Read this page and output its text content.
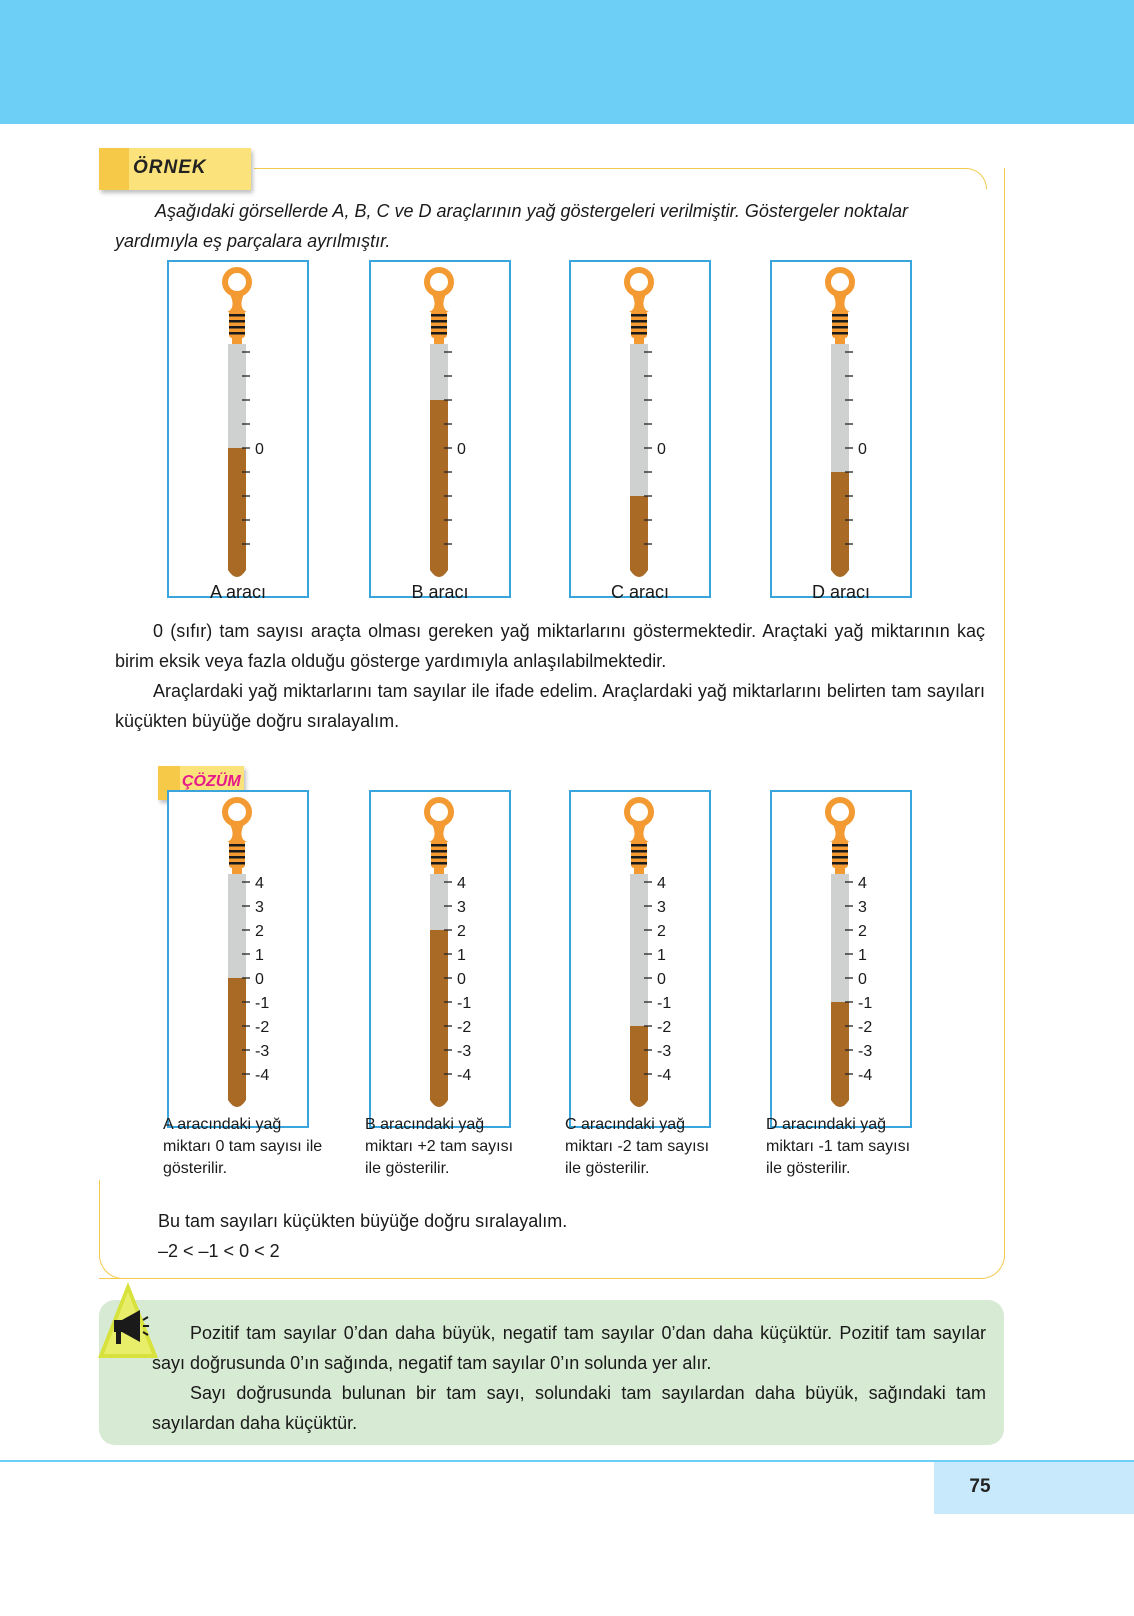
ÖRNEK

Aşağıdaki görsellerde A, B, C ve D araçlarının yağ göstergeleri verilmiştir. Göstergeler noktalar yardımıyla eş parçalara ayrılmıştır.

0
A aracı
0
B aracı
0
C aracı
0
D aracı

0 (sıfır) tam sayısı araçta olması gereken yağ miktarlarını göstermektedir. Araçtaki yağ miktarının kaç birim eksik veya fazla olduğu gösterge yardımıyla anlaşılabilmektedir.

Araçlardaki yağ miktarlarını tam sayılar ile ifade edelim. Araçlardaki yağ miktarlarını belirten tam sayıları küçükten büyüğe doğru sıralayalım.

ÇÖZÜM
4
3
2
1
0
-1
-2
-3
-4

A aracındaki yağ miktarı 0 tam sayısı ile gösterilir.

4
3
2
1
0
-1
-2
-3
-4

B aracındaki yağ miktarı +2 tam sayısı ile gösterilir.

4
3
2
1
0
-1
-2
-3
-4

C aracındaki yağ miktarı -2 tam sayısı ile gösterilir.

4
3
2
1
0
-1
-2
-3
-4

D aracındaki yağ miktarı -1 tam sayısı ile gösterilir.

Bu tam sayıları küçükten büyüğe doğru sıralayalım.

–2 < –1 < 0 < 2

Pozitif tam sayılar 0’dan daha büyük, negatif tam sayılar 0’dan daha küçüktür. Pozitif tam sayılar sayı doğrusunda 0’ın sağında, negatif tam sayılar 0’ın solunda yer alır.

Sayı doğrusunda bulunan bir tam sayı, solundaki tam sayılardan daha büyük, sağındaki tam sayılardan daha küçüktür.

75
